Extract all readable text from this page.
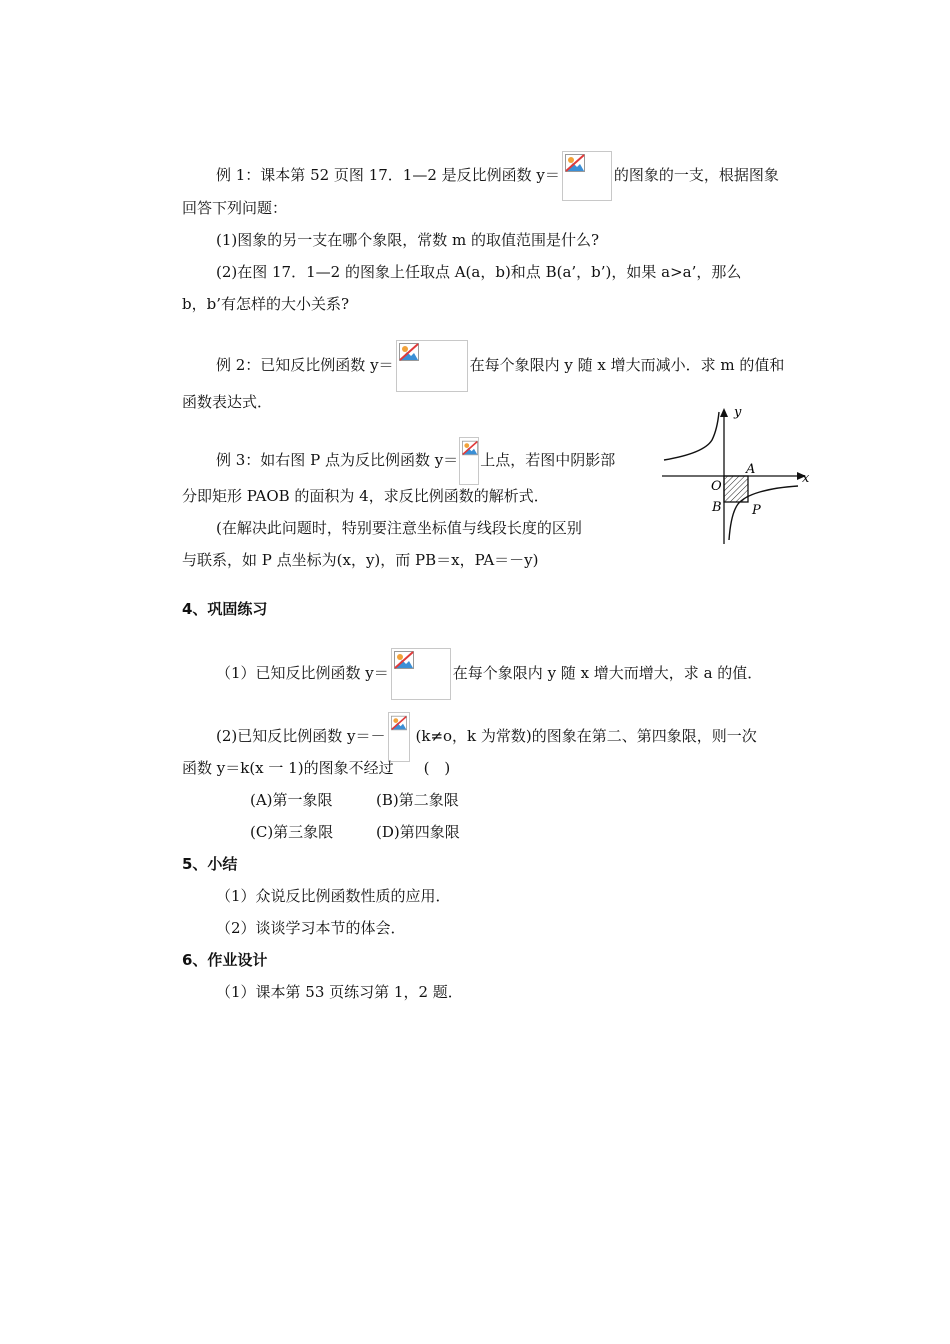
例 1：课本第 52 页图 17．1—2 是反比例函数 y＝	的图象的一支，根据图象
回答下列问题：
(1)图象的另一支在哪个象限，常数 m 的取值范围是什么?
(2)在图 17．1—2 的图象上任取点 A(a，b)和点 B(a’，b’)，如果 a>a’，那么
b，b’有怎样的大小关系?
例 2：已知反比例函数 y＝	在每个象限内 y 随 x 增大而减小．求 m 的值和
函数表达式．
例 3：如右图 P 点为反比例函数 y＝ 上点，若图中阴影部
分即矩形 PAOB 的面积为 4，求反比例函数的解析式．
(在解决此问题时，特别要注意坐标值与线段长度的区别
与联系，如 P 点坐标为(x，y)，而 PB＝x，PA＝－y)
y
x
O
A
B P
4、巩固练习
（1）已知反比例函数 y＝	在每个象限内 y 随 x 增大而增大，求 a 的值．
(2)已知反比例函数 y＝－ (k≠o，k 为常数)的图象在第二、第四象限，则一次
函数 y＝k(x 一 1)的图象不经过　　(　)
(A)第一象限	(B)第二象限
(C)第三象限	(D)第四象限
5、小结
（1）众说反比例函数性质的应用．
（2）谈谈学习本节的体会．
6、作业设计
（1）课本第 53 页练习第 1，2 题．
